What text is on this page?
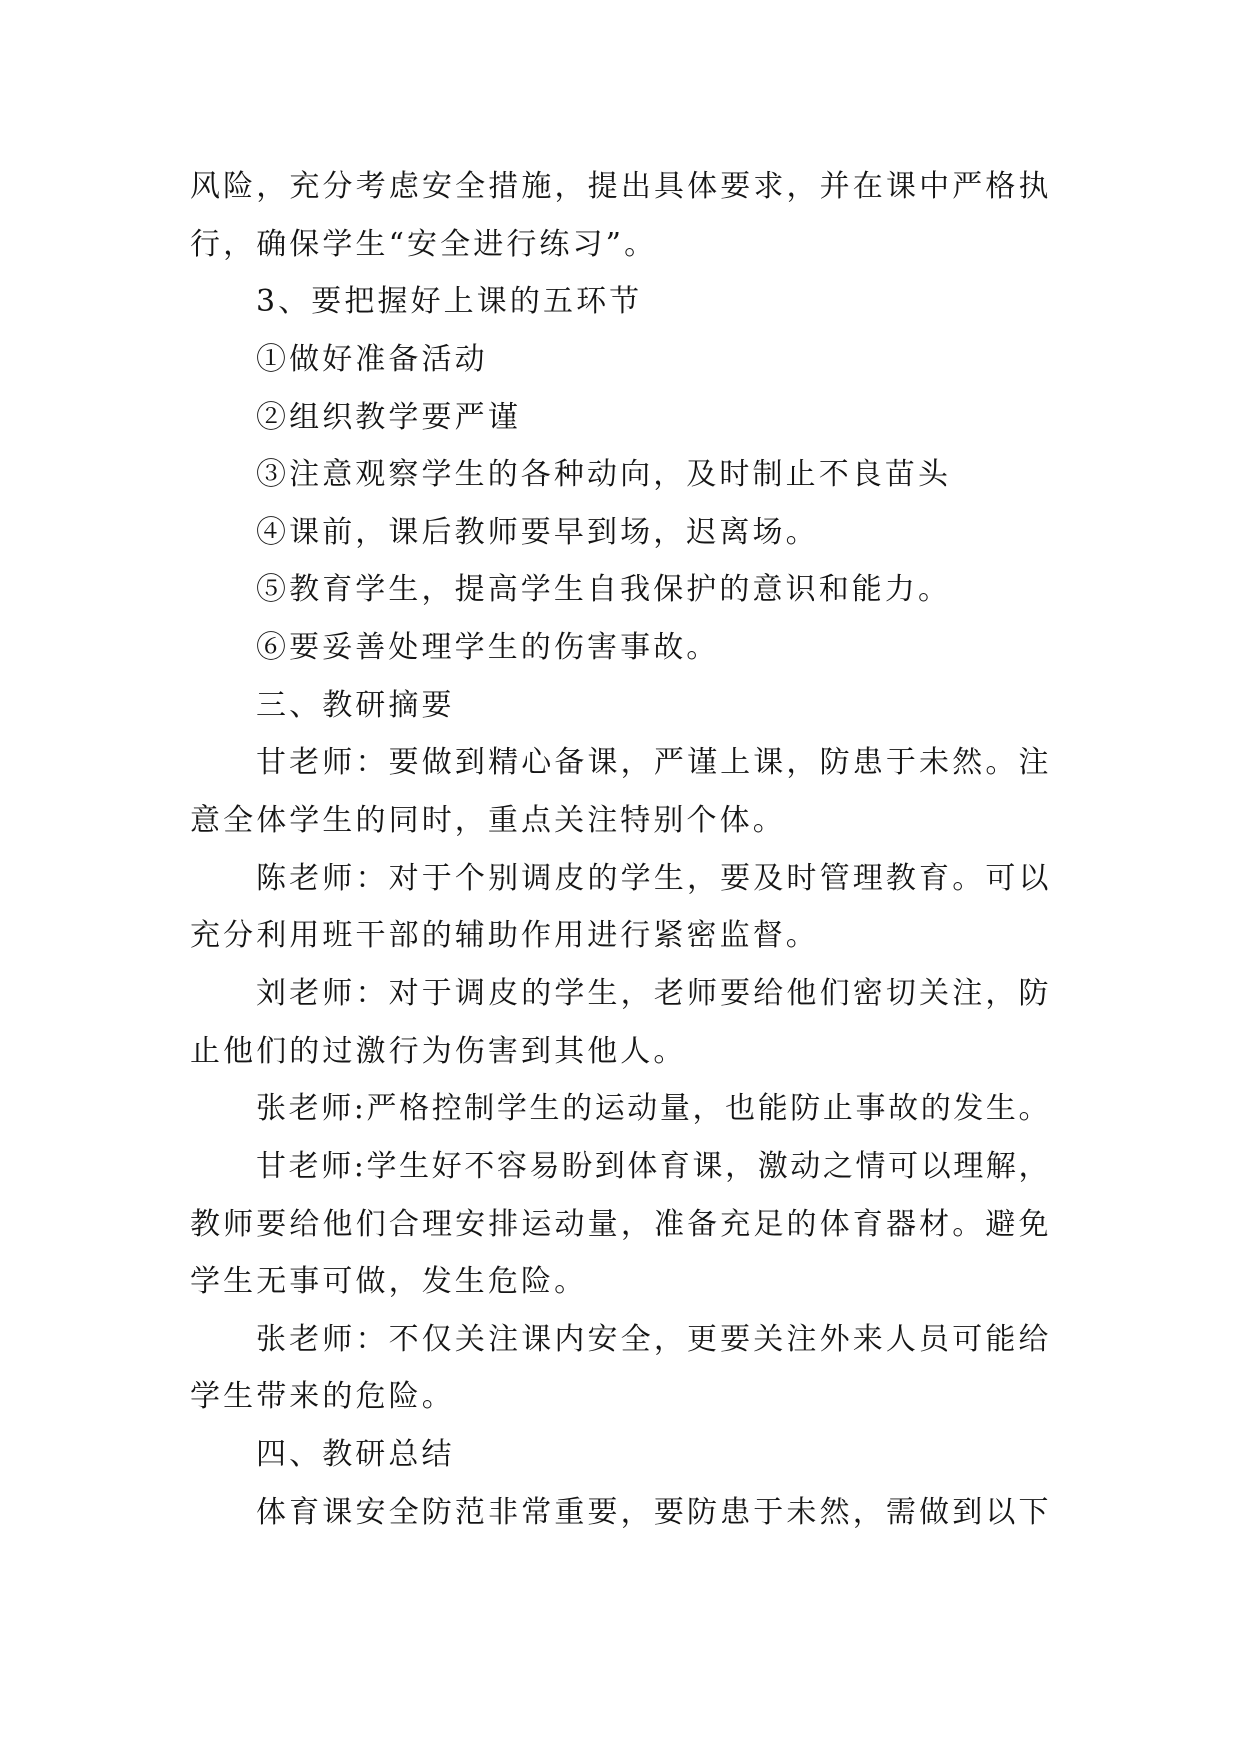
风险，充分考虑安全措施，提出具体要求，并在课中严格执
行，确保学生“安全进行练习”。
3、要把握好上课的五环节
①做好准备活动
②组织教学要严谨
③注意观察学生的各种动向，及时制止不良苗头
④课前，课后教师要早到场，迟离场。
⑤教育学生，提高学生自我保护的意识和能力。
⑥要妥善处理学生的伤害事故。
三、教研摘要
甘老师：要做到精心备课，严谨上课，防患于未然。注
意全体学生的同时，重点关注特别个体。
陈老师：对于个别调皮的学生，要及时管理教育。可以
充分利用班干部的辅助作用进行紧密监督。
刘老师：对于调皮的学生，老师要给他们密切关注，防
止他们的过激行为伤害到其他人。
张老师:严格控制学生的运动量，也能防止事故的发生。
甘老师:学生好不容易盼到体育课，激动之情可以理解，
教师要给他们合理安排运动量，准备充足的体育器材。避免
学生无事可做，发生危险。
张老师：不仅关注课内安全，更要关注外来人员可能给
学生带来的危险。
四、教研总结
体育课安全防范非常重要，要防患于未然，需做到以下
